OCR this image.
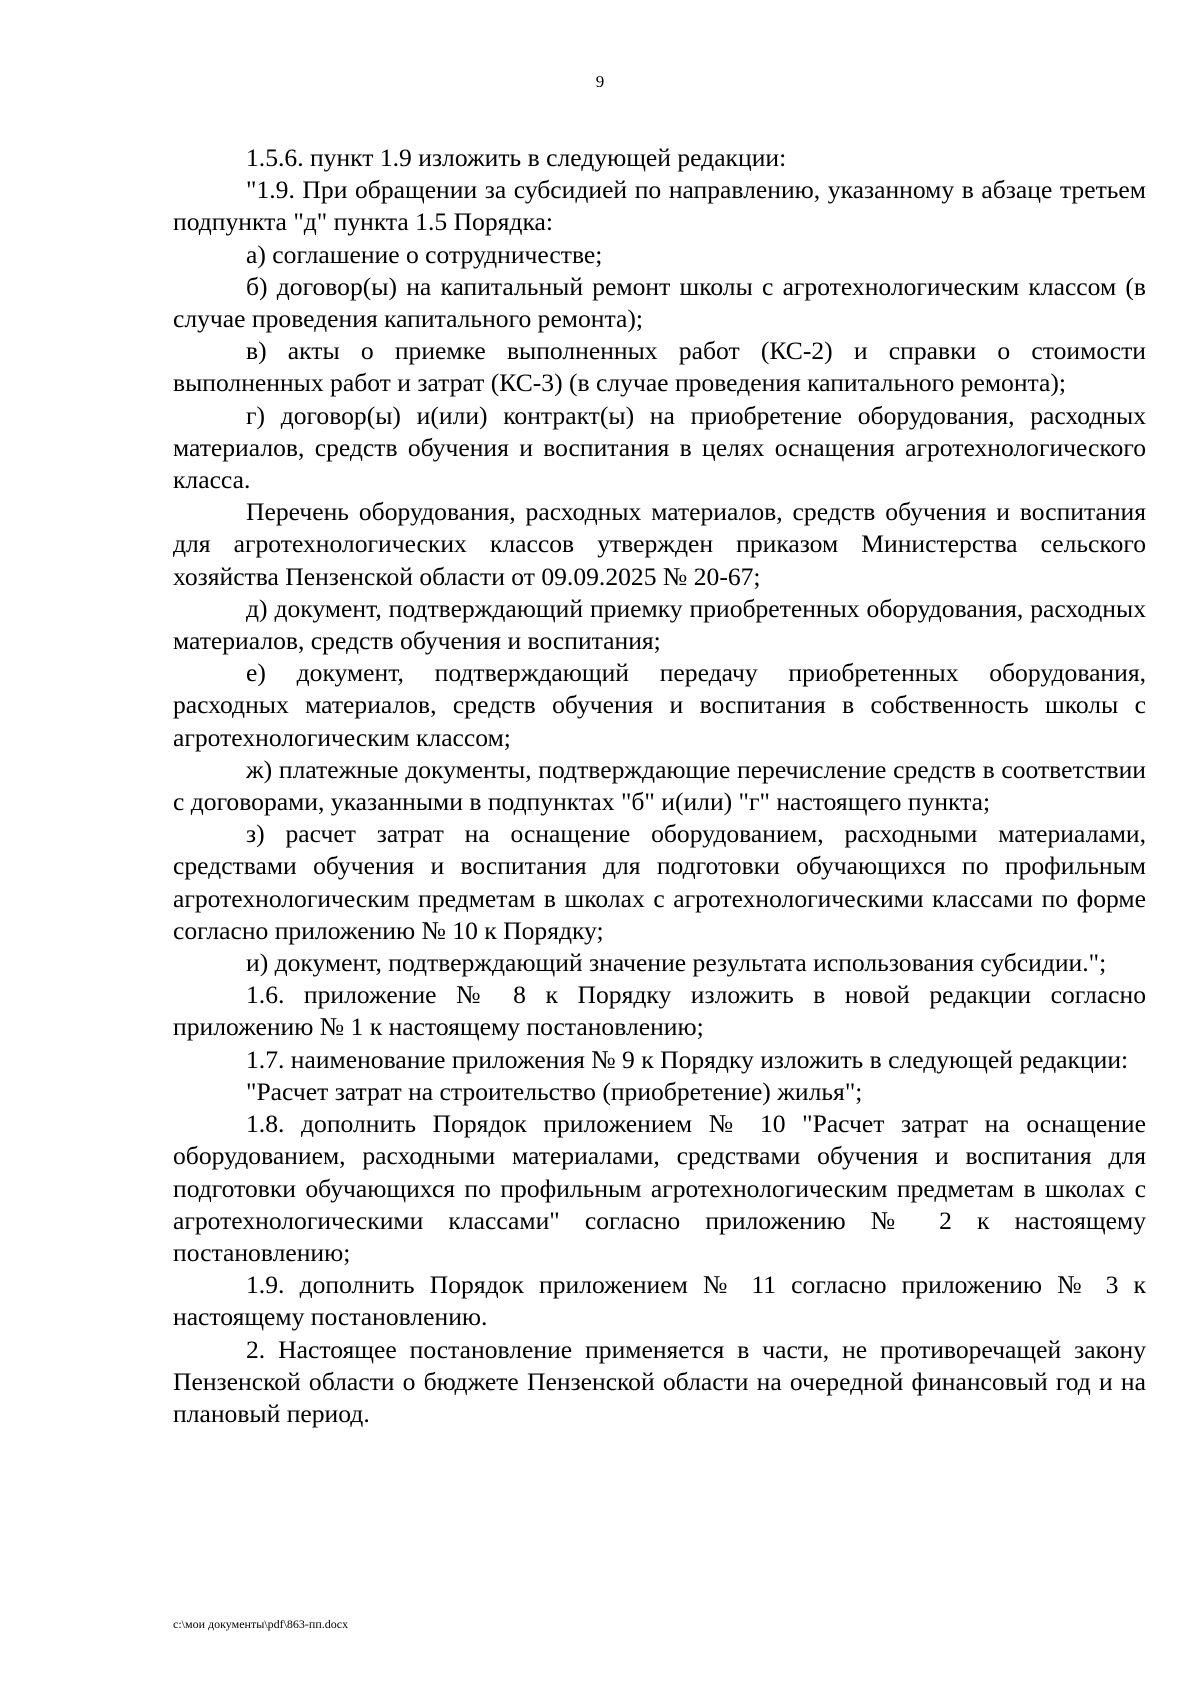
9

1.5.6. пункт 1.9 изложить в следующей редакции:

"1.9. При обращении за субсидией по направлению, указанному в абзаце третьем подпункта "д" пункта 1.5 Порядка:

а) соглашение о сотрудничестве;

б) договор(ы) на капитальный ремонт школы с агротехнологическим классом (в случае проведения капитального ремонта);

в) акты о приемке выполненных работ (КС-2) и справки о стоимости выполненных работ и затрат (КС-3) (в случае проведения капитального ремонта);

г) договор(ы) и(или) контракт(ы) на приобретение оборудования, расходных материалов, средств обучения и воспитания в целях оснащения агротехнологического класса.

Перечень оборудования, расходных материалов, средств обучения и воспитания для агротехнологических классов утвержден приказом Министерства сельского хозяйства Пензенской области от 09.09.2025 № 20-67;

д) документ, подтверждающий приемку приобретенных оборудования, расходных материалов, средств обучения и воспитания;

е) документ, подтверждающий передачу приобретенных оборудования, расходных материалов, средств обучения и воспитания в собственность школы с агротехнологическим классом;

ж) платежные документы, подтверждающие перечисление средств в соответствии с договорами, указанными в подпунктах "б" и(или) "г" настоящего пункта;

з) расчет затрат на оснащение оборудованием, расходными материалами, средствами обучения и воспитания для подготовки обучающихся по профильным агротехнологическим предметам в школах с агротехнологическими классами по форме согласно приложению № 10 к Порядку;

и) документ, подтверждающий значение результата использования субсидии.";

1.6. приложение № 8 к Порядку изложить в новой редакции согласно приложению № 1 к настоящему постановлению;

1.7. наименование приложения № 9 к Порядку изложить в следующей редакции:

"Расчет затрат на строительство (приобретение) жилья";

1.8. дополнить Порядок приложением № 10 "Расчет затрат на оснащение оборудованием, расходными материалами, средствами обучения и воспитания для подготовки обучающихся по профильным агротехнологическим предметам в школах с агротехнологическими классами" согласно приложению № 2 к настоящему постановлению;

1.9. дополнить Порядок приложением № 11 согласно приложению № 3 к настоящему постановлению.

2. Настоящее постановление применяется в части, не противоречащей закону Пензенской области о бюджете Пензенской области на очередной финансовый год и на плановый период.

c:\мои документы\pdf\863-пп.docx
